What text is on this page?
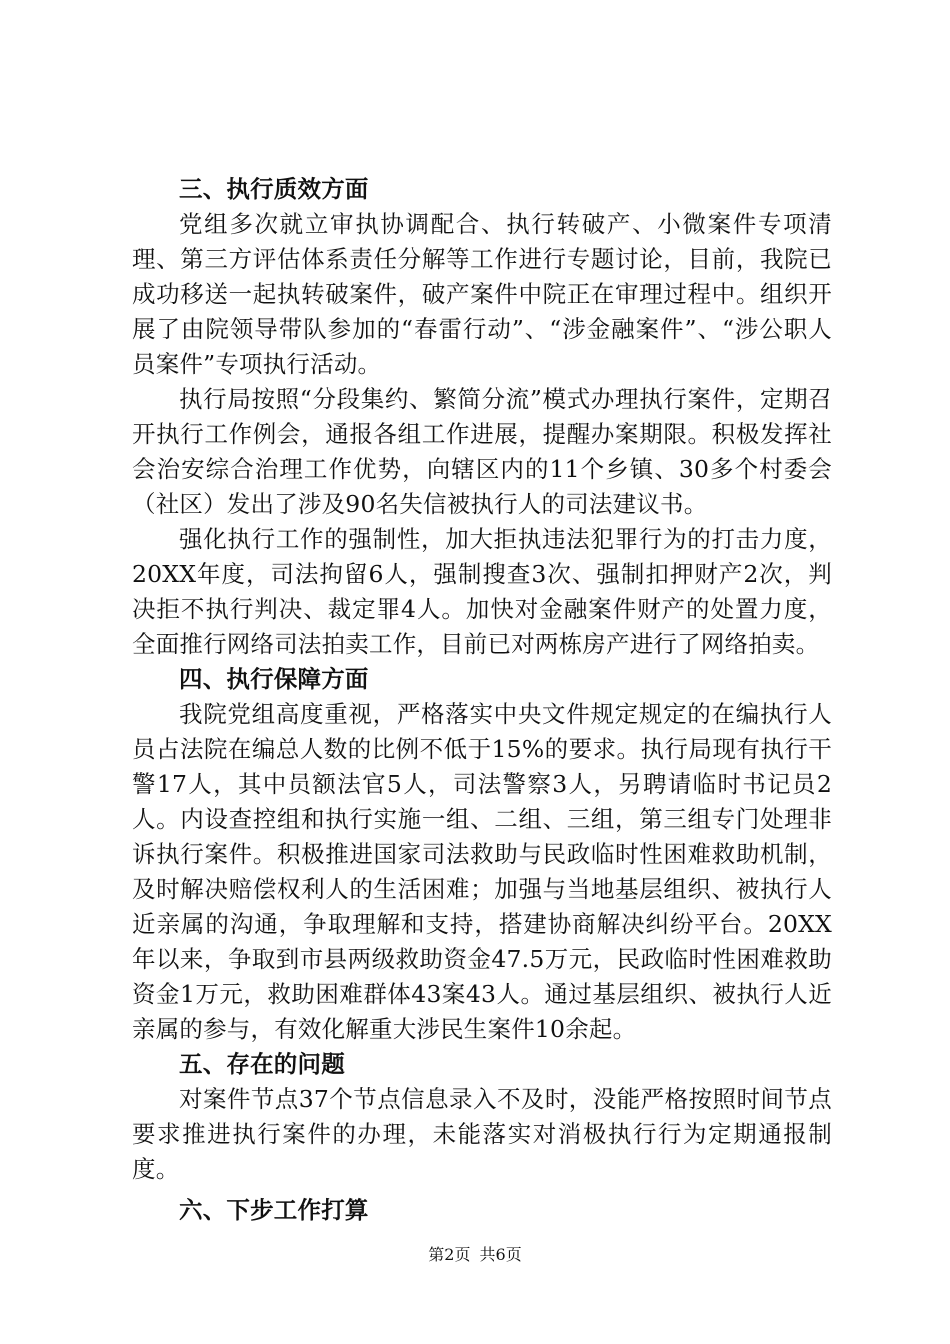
三、执行质效方面

党组多次就立审执协调配合、执行转破产、小微案件专项清理、第三方评估体系责任分解等工作进行专题讨论，目前，我院已成功移送一起执转破案件，破产案件中院正在审理过程中。组织开展了由院领导带队参加的“春雷行动”、“涉金融案件”、“涉公职人员案件”专项执行活动。

执行局按照“分段集约、繁简分流”模式办理执行案件，定期召开执行工作例会，通报各组工作进展，提醒办案期限。积极发挥社会治安综合治理工作优势，向辖区内的11个乡镇、30多个村委会（社区）发出了涉及90名失信被执行人的司法建议书。

强化执行工作的强制性，加大拒执违法犯罪行为的打击力度，20XX年度，司法拘留6人，强制搜查3次、强制扣押财产2次，判决拒不执行判决、裁定罪4人。加快对金融案件财产的处置力度，全面推行网络司法拍卖工作，目前已对两栋房产进行了网络拍卖。

四、执行保障方面

我院党组高度重视，严格落实中央文件规定规定的在编执行人员占法院在编总人数的比例不低于15%的要求。执行局现有执行干警17人，其中员额法官5人，司法警察3人，另聘请临时书记员2人。内设查控组和执行实施一组、二组、三组，第三组专门处理非诉执行案件。积极推进国家司法救助与民政临时性困难救助机制，及时解决赔偿权利人的生活困难；加强与当地基层组织、被执行人近亲属的沟通，争取理解和支持，搭建协商解决纠纷平台。20XX年以来，争取到市县两级救助资金47.5万元，民政临时性困难救助资金1万元，救助困难群体43案43人。通过基层组织、被执行人近亲属的参与，有效化解重大涉民生案件10余起。

五、存在的问题

对案件节点37个节点信息录入不及时，没能严格按照时间节点要求推进执行案件的办理，未能落实对消极执行行为定期通报制度。

六、下步工作打算
第2页 共6页
